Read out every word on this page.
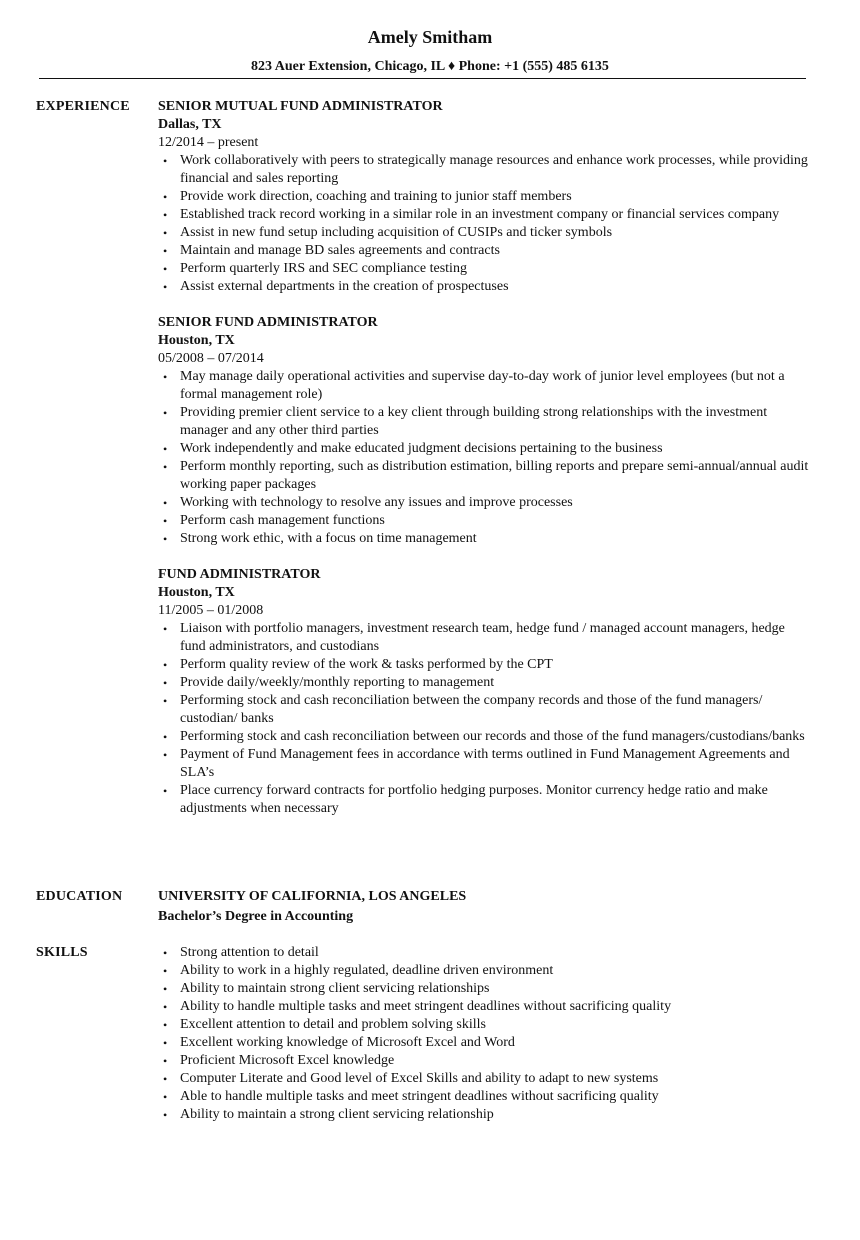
Amely Smitham
823 Auer Extension, Chicago, IL ♦ Phone: +1 (555) 485 6135
EXPERIENCE SENIOR MUTUAL FUND ADMINISTRATOR
Dallas, TX
12/2014 – present
• Work collaboratively with peers to strategically manage resources and enhance work processes, while providing financial and sales reporting
• Provide work direction, coaching and training to junior staff members
• Established track record working in a similar role in an investment company or financial services company
• Assist in new fund setup including acquisition of CUSIPs and ticker symbols
• Maintain and manage BD sales agreements and contracts
• Perform quarterly IRS and SEC compliance testing
• Assist external departments in the creation of prospectuses
SENIOR FUND ADMINISTRATOR
Houston, TX
05/2008 – 07/2014
• May manage daily operational activities and supervise day-to-day work of junior level employees (but not a formal management role)
• Providing premier client service to a key client through building strong relationships with the investment manager and any other third parties
• Work independently and make educated judgment decisions pertaining to the business
• Perform monthly reporting, such as distribution estimation, billing reports and prepare semi-annual/annual audit working paper packages
• Working with technology to resolve any issues and improve processes
• Perform cash management functions
• Strong work ethic, with a focus on time management
FUND ADMINISTRATOR
Houston, TX
11/2005 – 01/2008
• Liaison with portfolio managers, investment research team, hedge fund / managed account managers, hedge fund administrators, and custodians
• Perform quality review of the work & tasks performed by the CPT
• Provide daily/weekly/monthly reporting to management
• Performing stock and cash reconciliation between the company records and those of the fund managers/ custodian/ banks
• Performing stock and cash reconciliation between our records and those of the fund managers/custodians/banks
• Payment of Fund Management fees in accordance with terms outlined in Fund Management Agreements and SLA’s
• Place currency forward contracts for portfolio hedging purposes. Monitor currency hedge ratio and make adjustments when necessary
EDUCATION	UNIVERSITY OF CALIFORNIA, LOS ANGELES
Bachelor’s Degree in Accounting
SKILLS	• Strong attention to detail
• Ability to work in a highly regulated, deadline driven environment
• Ability to maintain strong client servicing relationships
• Ability to handle multiple tasks and meet stringent deadlines without sacrificing quality
• Excellent attention to detail and problem solving skills
• Excellent working knowledge of Microsoft Excel and Word
• Proficient Microsoft Excel knowledge
• Computer Literate and Good level of Excel Skills and ability to adapt to new systems
• Able to handle multiple tasks and meet stringent deadlines without sacrificing quality
• Ability to maintain a strong client servicing relationship
